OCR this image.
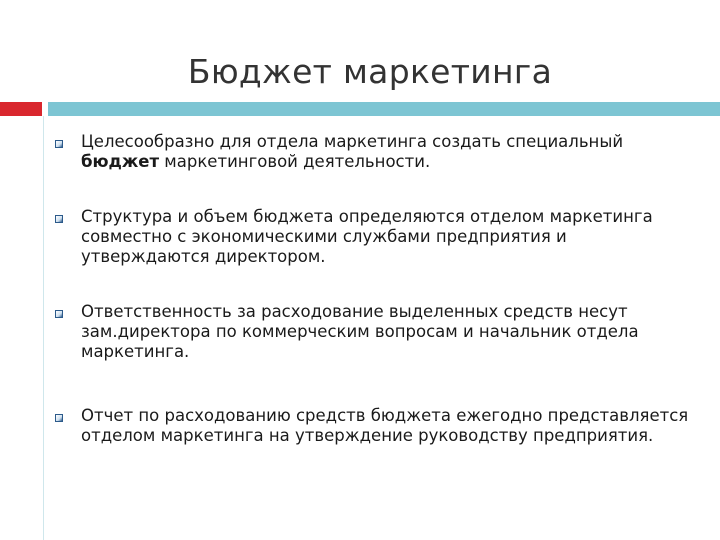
Бюджет маркетинга
Целесообразно для отдела маркетинга создать специальный бюджет маркетинговой деятельности.
Структура и объем бюджета определяются отделом маркетинга совместно с экономическими службами предприятия и утверждаются директором.
Ответственность за расходование выделенных средств несут зам.директора по коммерческим вопросам и начальник отдела маркетинга.
Отчет по расходованию средств бюджета ежегодно представляется отделом маркетинга на утверждение руководству предприятия.
